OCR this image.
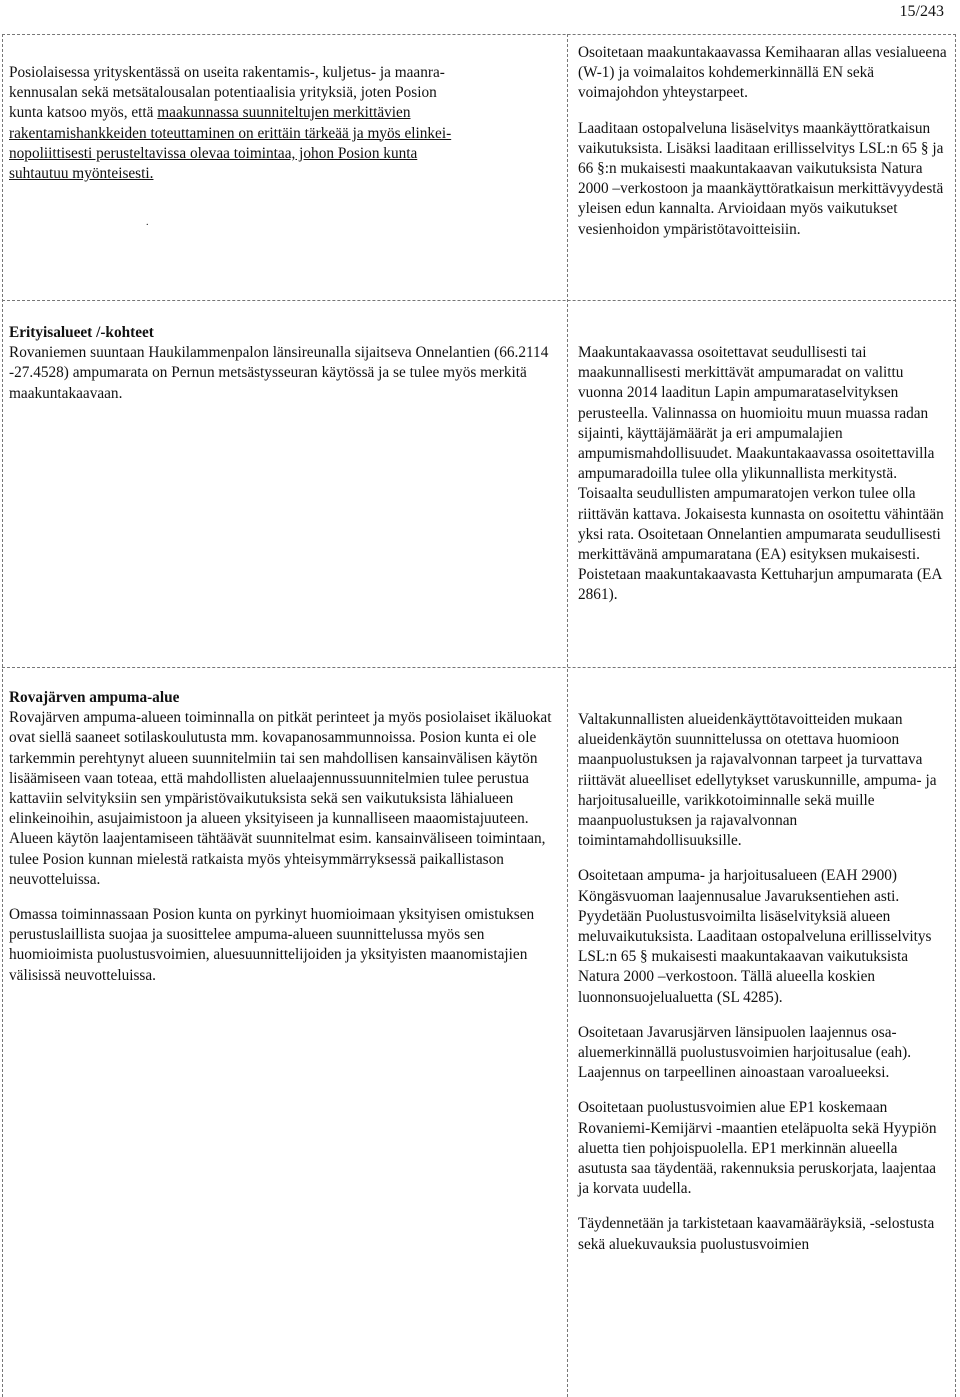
15/243
Posiolaisessa yrityskentässä on useita rakentamis-, kuljetus- ja maanra-
kennusalan sekä metsätalousalan potentiaalisia yrityksiä, joten Posion
kunta katsoo myös, että maakunnassa suunniteltujen merkittävien
rakentamishankkeiden toteuttaminen on erittäin tärkeää ja myös elinkei-
nopoliittisesti perusteltavissa olevaa toimintaa, johon Posion kunta
suhtautuu myönteisesti.
.

Osoitetaan maakuntakaavassa Kemihaaran allas vesialueena (W-1) ja voimalaitos kohdemerkinnällä EN sekä voimajohdon yhteystarpeet.

Laaditaan ostopalveluna lisäselvitys maankäyttöratkaisun vaikutuksista. Lisäksi laaditaan erillisselvitys LSL:n 65 § ja 66 §:n mukaisesti maakuntakaavan vaikutuksista Natura 2000 –verkostoon ja maankäyttöratkaisun merkittävyydestä yleisen edun kannalta. Arvioidaan myös vaikutukset vesienhoidon ympäristötavoitteisiin.

Erityisalueet /-kohteet
Rovaniemen suuntaan Haukilammenpalon länsireunalla sijaitseva Onnelantien (66.2114 -27.4528) ampumarata on Pernun metsästysseuran käytössä ja se tulee myös merkitä maakuntakaavaan.
Maakuntakaavassa osoitettavat seudullisesti tai maakunnallisesti merkittävät ampumaradat on valittu vuonna 2014 laaditun Lapin ampumarataselvityksen perusteella. Valinnassa on huomioitu muun muassa radan sijainti, käyttäjämäärät ja eri ampumalajien ampumismahdollisuudet. Maakuntakaavassa osoitettavilla ampumaradoilla tulee olla ylikunnallista merkitystä. Toisaalta seudullisten ampumaratojen verkon tulee olla riittävän kattava. Jokaisesta kunnasta on osoitettu vähintään yksi rata. Osoitetaan Onnelantien ampumarata seudullisesti merkittävänä ampumaratana (EA) esityksen mukaisesti. Poistetaan maakuntakaavasta Kettuharjun ampumarata (EA 2861).
Rovajärven ampuma-alue

Rovajärven ampuma-alueen toiminnalla on pitkät perinteet ja myös posiolaiset ikäluokat ovat siellä saaneet sotilaskoulutusta mm. kovapanosammunnoissa. Posion kunta ei ole tarkemmin perehtynyt alueen suunnitelmiin tai sen mahdollisen kansainvälisen käytön lisäämiseen vaan toteaa, että mahdollisten aluelaajennussuunnitelmien tulee perustua kattaviin selvityksiin sen ympäristövaikutuksista sekä sen vaikutuksista lähialueen elinkeinoihin, asujaimistoon ja alueen yksityiseen ja kunnalliseen maaomistajuuteen. Alueen käytön laajentamiseen tähtäävät suunnitelmat esim. kansainväliseen toimintaan, tulee Posion kunnan mielestä ratkaista myös yhteisymmärryksessä paikallistason neuvotteluissa.

Omassa toiminnassaan Posion kunta on pyrkinyt huomioimaan yksityisen omistuksen perustuslaillista suojaa ja suosittelee ampuma-alueen suunnittelussa myös sen huomioimista puolustusvoimien, aluesuunnittelijoiden ja yksityisten maanomistajien välisissä neuvotteluissa.

Valtakunnallisten alueidenkäyttötavoitteiden mukaan alueidenkäytön suunnittelussa on otettava huomioon maanpuolustuksen ja rajavalvonnan tarpeet ja turvattava riittävät alueelliset edellytykset varuskunnille, ampuma- ja harjoitusalueille, varikkotoiminnalle sekä muille maanpuolustuksen ja rajavalvonnan toimintamahdollisuuksille.

Osoitetaan ampuma- ja harjoitusalueen (EAH 2900) Köngäsvuoman laajennusalue Javaruksentiehen asti. Pyydetään Puolustusvoimilta lisäselvityksiä alueen meluvaikutuksista. Laaditaan ostopalveluna erillisselvitys LSL:n 65 § mukaisesti maakuntakaavan vaikutuksista Natura 2000 –verkostoon. Tällä alueella koskien luonnonsuojelualuetta (SL 4285).

Osoitetaan Javarusjärven länsipuolen laajennus osa-aluemerkinnällä puolustusvoimien harjoitusalue (eah). Laajennus on tarpeellinen ainoastaan varoalueeksi.

Osoitetaan puolustusvoimien alue EP1 koskemaan Rovaniemi-Kemijärvi -maantien eteläpuolta sekä Hyypiön aluetta tien pohjoispuolella. EP1 merkinnän alueella asutusta saa täydentää, rakennuksia peruskorjata, laajentaa ja korvata uudella.

Täydennetään ja tarkistetaan kaavamääräyksiä, -selostusta sekä aluekuvauksia puolustusvoimien
